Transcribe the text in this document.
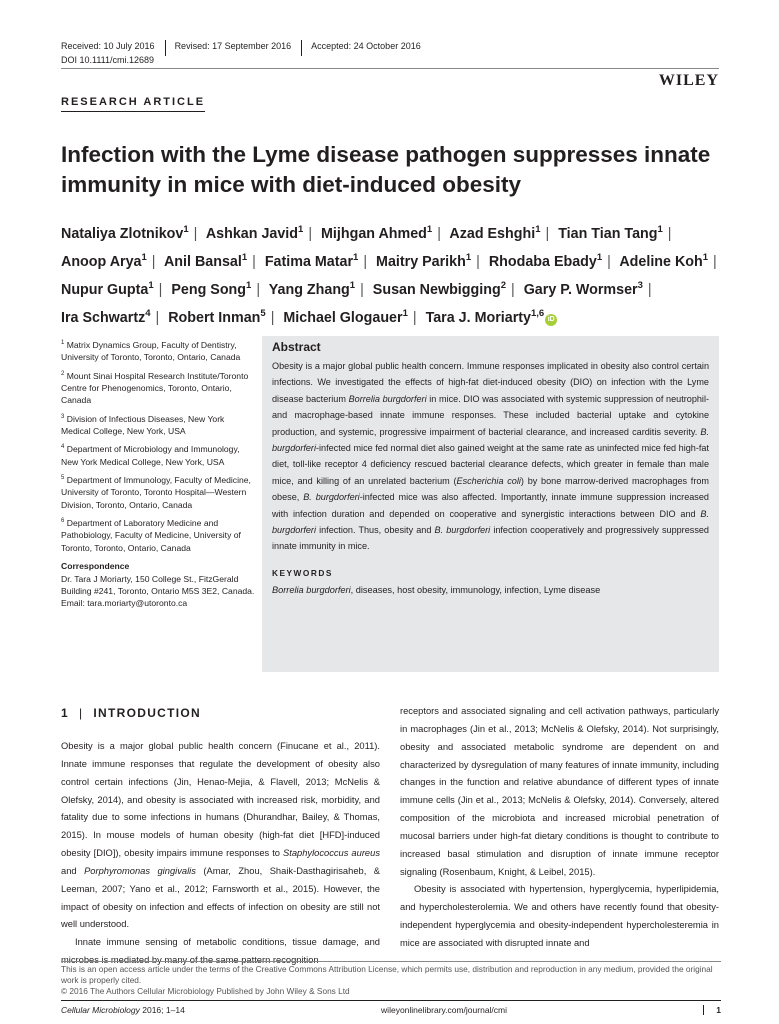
Received: 10 July 2016	Revised: 17 September 2016	Accepted: 24 October 2016
DOI 10.1111/cmi.12689
WILEY
RESEARCH ARTICLE
Infection with the Lyme disease pathogen suppresses innate immunity in mice with diet-induced obesity
Nataliya Zlotnikov$^1$ | Ashkan Javid$^1$ | Mijhgan Ahmed$^1$ | Azad Eshghi$^1$ | Tian Tian Tang$^1$ | Anoop Arya$^1$ | Anil Bansal$^1$ | Fatima Matar$^1$ | Maitry Parikh$^1$ | Rhodaba Ebady$^1$ | Adeline Koh$^1$ | Nupur Gupta$^1$ | Peng Song$^1$ | Yang Zhang$^1$ | Susan Newbigging$^2$ | Gary P. Wormser$^3$ | Ira Schwartz$^4$ | Robert Inman$^5$ | Michael Glogauer$^1$ | Tara J. Moriarty$^{1,6}$iD
$^1$ Matrix Dynamics Group, Faculty of Dentistry, University of Toronto, Toronto, Ontario, Canada
$^2$ Mount Sinai Hospital Research Institute/Toronto Centre for Phenogenomics, Toronto, Ontario, Canada
$^3$ Division of Infectious Diseases, New York Medical College, New York, USA
$^4$ Department of Microbiology and Immunology, New York Medical College, New York, USA
$^5$ Department of Immunology, Faculty of Medicine, University of Toronto, Toronto Hospital—Western Division, Toronto, Ontario, Canada
$^6$ Department of Laboratory Medicine and Pathobiology, Faculty of Medicine, University of Toronto, Toronto, Ontario, Canada
Correspondence
Dr. Tara J Moriarty, 150 College St., FitzGerald Building #241, Toronto, Ontario M5S 3E2, Canada.
Email: tara.moriarty@utoronto.ca
Abstract

Obesity is a major global public health concern. Immune responses implicated in obesity also control certain infections. We investigated the effects of high-fat diet-induced obesity (DIO) on infection with the Lyme disease bacterium Borrelia burgdorferi in mice. DIO was associated with systemic suppression of neutrophil- and macrophage-based innate immune responses. These included bacterial uptake and cytokine production, and systemic, progressive impairment of bacterial clearance, and increased carditis severity. B. burgdorferi-infected mice fed normal diet also gained weight at the same rate as uninfected mice fed high-fat diet, toll-like receptor 4 deficiency rescued bacterial clearance defects, which greater in female than male mice, and killing of an unrelated bacterium (Escherichia coli) by bone marrow-derived macrophages from obese, B. burgdorferi-infected mice was also affected. Importantly, innate immune suppression increased with infection duration and depended on cooperative and synergistic interactions between DIO and B. burgdorferi infection. Thus, obesity and B. burgdorferi infection cooperatively and progressively suppressed innate immunity in mice.

KEYWORDS
Borrelia burgdorferi, diseases, host obesity, immunology, infection, Lyme disease
1 | INTRODUCTION

Obesity is a major global public health concern (Finucane et al., 2011). Innate immune responses that regulate the development of obesity also control certain infections (Jin, Henao-Mejia, & Flavell, 2013; McNelis & Olefsky, 2014), and obesity is associated with increased risk, morbidity, and fatality due to some infections in humans (Dhurandhar, Bailey, & Thomas, 2015). In mouse models of human obesity (high-fat diet [HFD]-induced obesity [DIO]), obesity impairs immune responses to Staphylococcus aureus and Porphyromonas gingivalis (Amar, Zhou, Shaik-Dasthagirisaheb, & Leeman, 2007; Yano et al., 2012; Farnsworth et al., 2015). However, the impact of obesity on infection and effects of infection on obesity are still not well understood.

Innate immune sensing of metabolic conditions, tissue damage, and microbes is mediated by many of the same pattern recognition

receptors and associated signaling and cell activation pathways, particularly in macrophages (Jin et al., 2013; McNelis & Olefsky, 2014). Not surprisingly, obesity and associated metabolic syndrome are dependent on and characterized by dysregulation of many features of innate immunity, including changes in the function and relative abundance of different types of innate immune cells (Jin et al., 2013; McNelis & Olefsky, 2014). Conversely, altered composition of the microbiota and increased microbial penetration of mucosal barriers under high-fat dietary conditions is thought to contribute to increased basal stimulation and disruption of innate immune receptor signaling (Rosenbaum, Knight, & Leibel, 2015).

Obesity is associated with hypertension, hyperglycemia, hyperlipidemia, and hypercholesterolemia. We and others have recently found that obesity-independent hyperglycemia and obesity-independent hypercholesteremia in mice are associated with disrupted innate and

This is an open access article under the terms of the Creative Commons Attribution License, which permits use, distribution and reproduction in any medium, provided the original work is properly cited.
© 2016 The Authors Cellular Microbiology Published by John Wiley & Sons Ltd
Cellular Microbiology 2016; 1–14	wileyonlinelibrary.com/journal/cmi	1
